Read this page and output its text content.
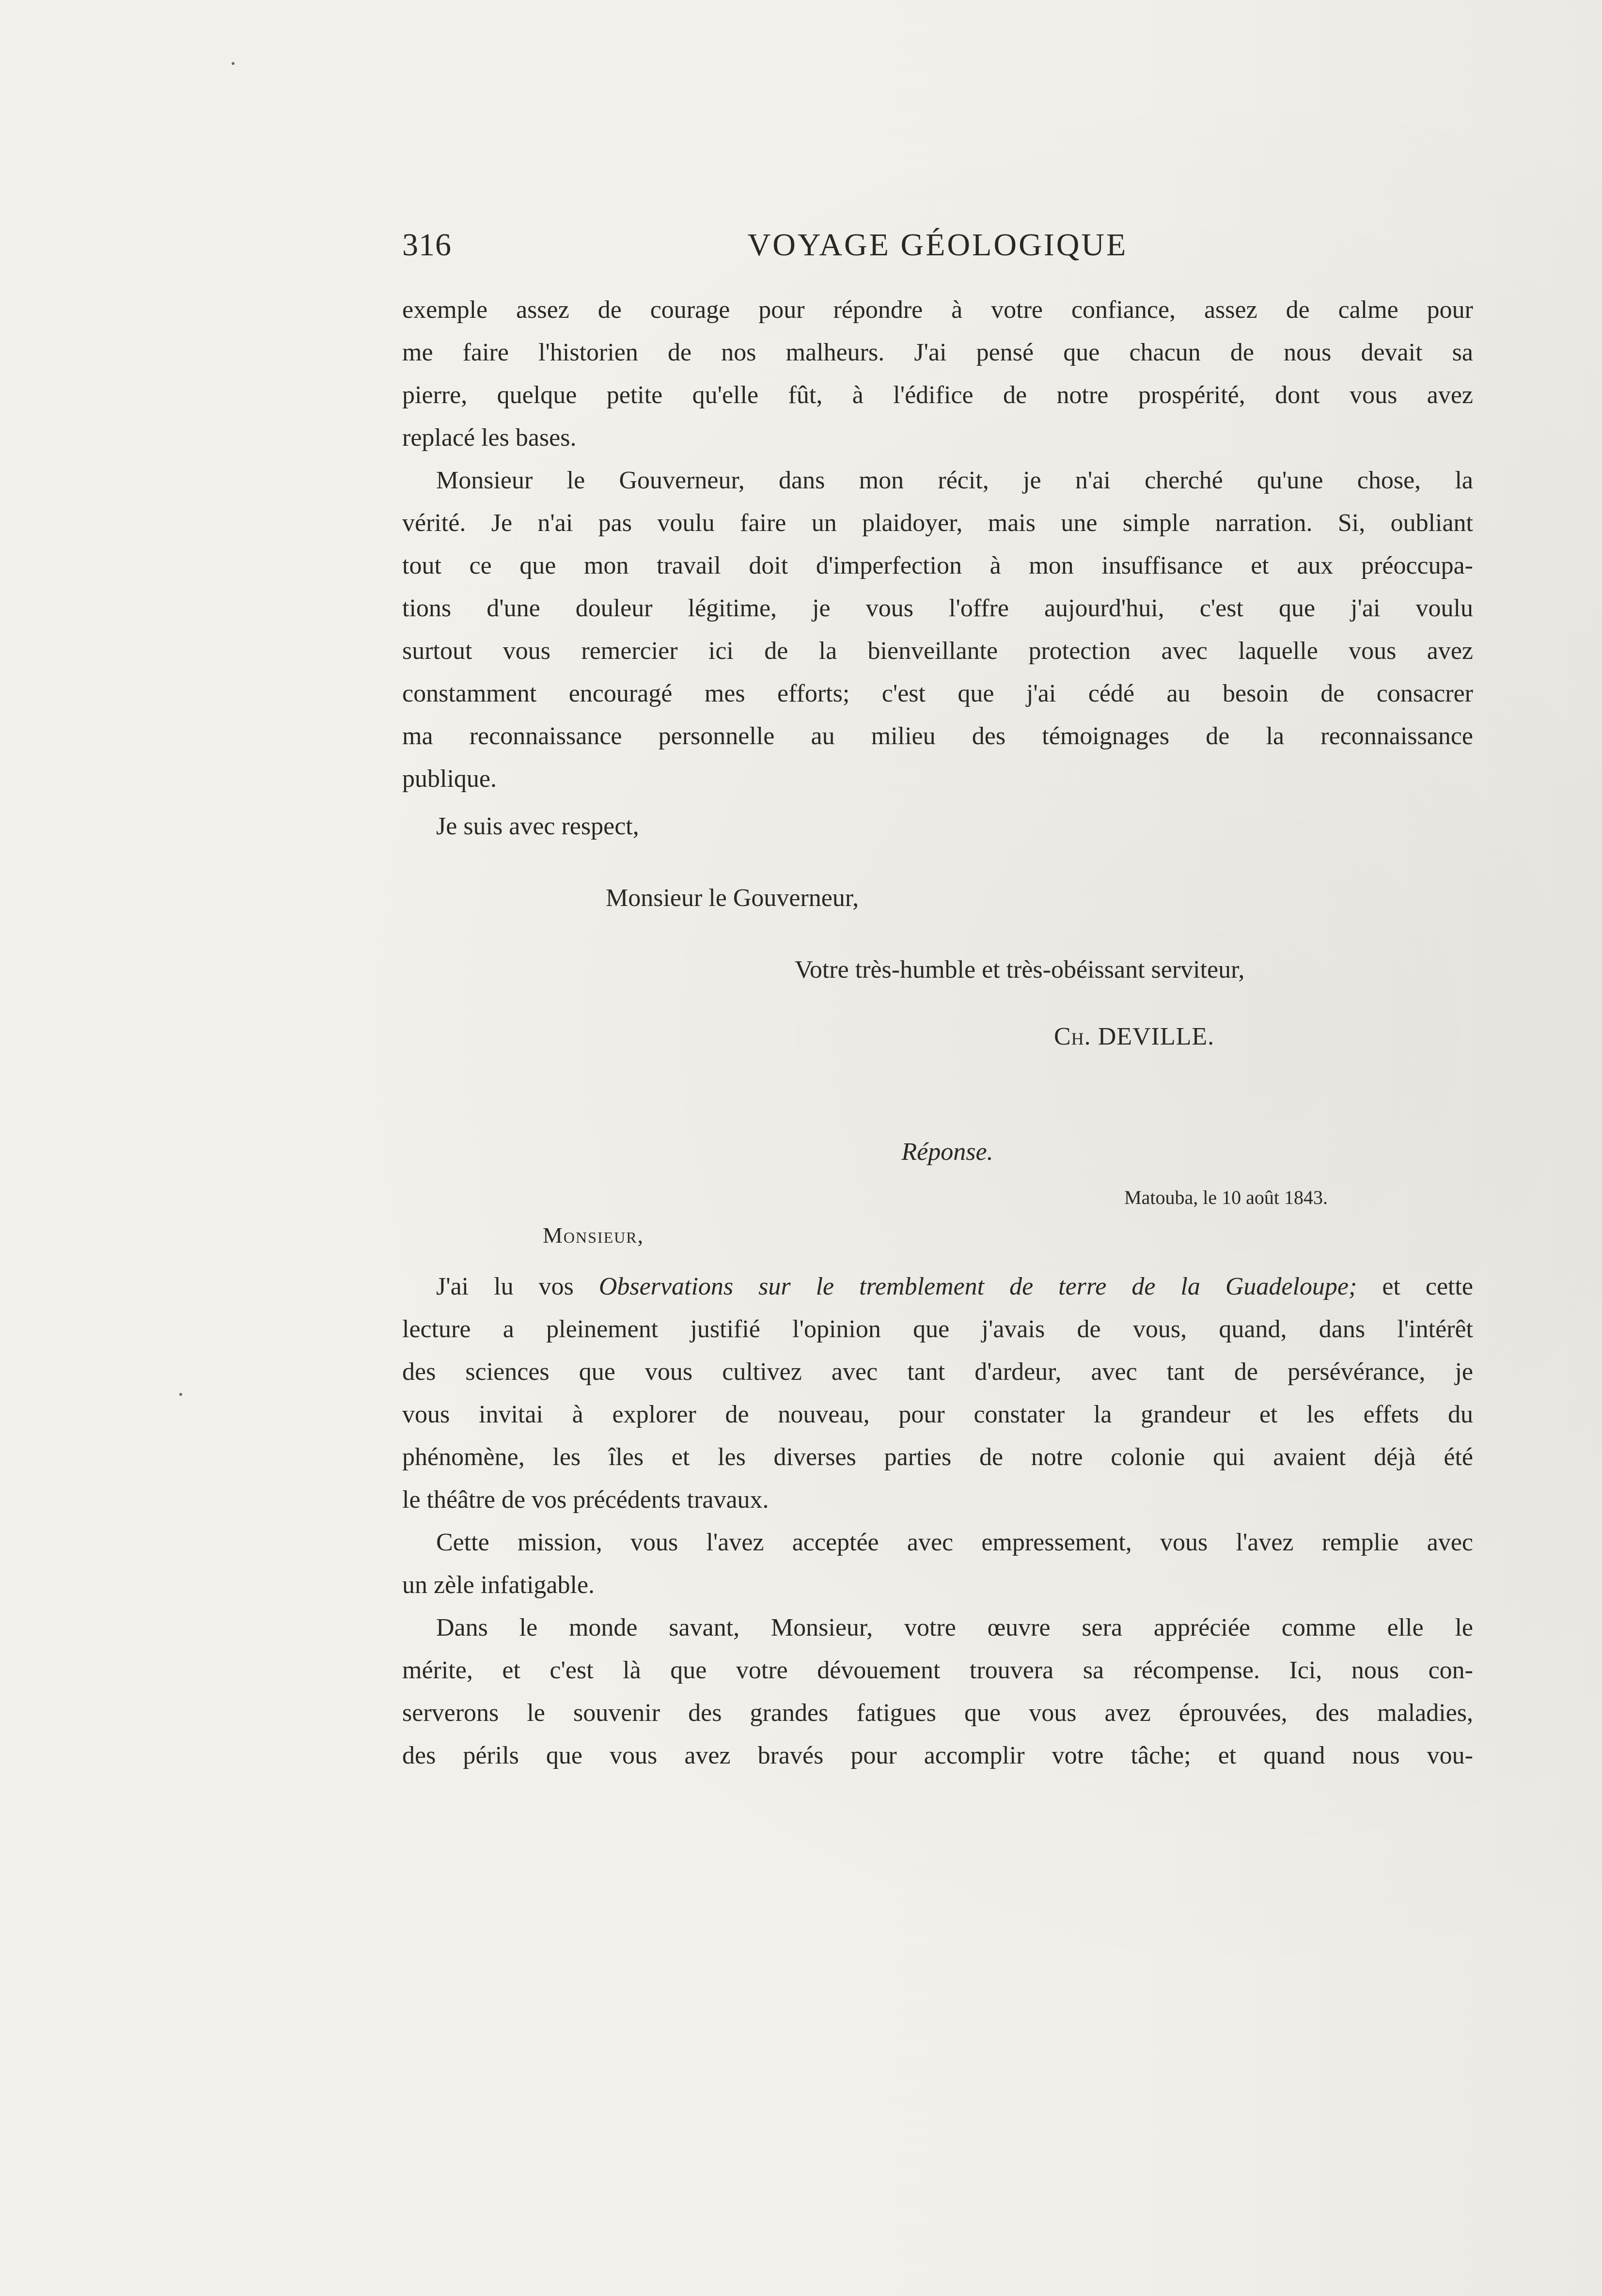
316	VOYAGE GÉOLOGIQUE
exemple assez de courage pour répondre à votre confiance, assez de calme pour
me faire l'historien de nos malheurs. J'ai pensé que chacun de nous devait sa
pierre, quelque petite qu'elle fût, à l'édifice de notre prospérité, dont vous avez
replacé les bases.
Monsieur le Gouverneur, dans mon récit, je n'ai cherché qu'une chose, la
vérité. Je n'ai pas voulu faire un plaidoyer, mais une simple narration. Si, oubliant
tout ce que mon travail doit d'imperfection à mon insuffisance et aux préoccupa-
tions d'une douleur légitime, je vous l'offre aujourd'hui, c'est que j'ai voulu
surtout vous remercier ici de la bienveillante protection avec laquelle vous avez
constamment encouragé mes efforts; c'est que j'ai cédé au besoin de consacrer
ma reconnaissance personnelle au milieu des témoignages de la reconnaissance
publique.
Je suis avec respect,
Monsieur le Gouverneur,
Votre très-humble et très-obéissant serviteur,
Ch. DEVILLE.
Réponse.
Matouba, le 10 août 1843.
Monsieur,
J'ai lu vos Observations sur le tremblement de terre de la Guadeloupe; et cette
lecture a pleinement justifié l'opinion que j'avais de vous, quand, dans l'intérêt
des sciences que vous cultivez avec tant d'ardeur, avec tant de persévérance, je
vous invitai à explorer de nouveau, pour constater la grandeur et les effets du
phénomène, les îles et les diverses parties de notre colonie qui avaient déjà été
le théâtre de vos précédents travaux.
Cette mission, vous l'avez acceptée avec empressement, vous l'avez remplie avec
un zèle infatigable.
Dans le monde savant, Monsieur, votre œuvre sera appréciée comme elle le
mérite, et c'est là que votre dévouement trouvera sa récompense. Ici, nous con-
serverons le souvenir des grandes fatigues que vous avez éprouvées, des maladies,
des périls que vous avez bravés pour accomplir votre tâche; et quand nous vou-
